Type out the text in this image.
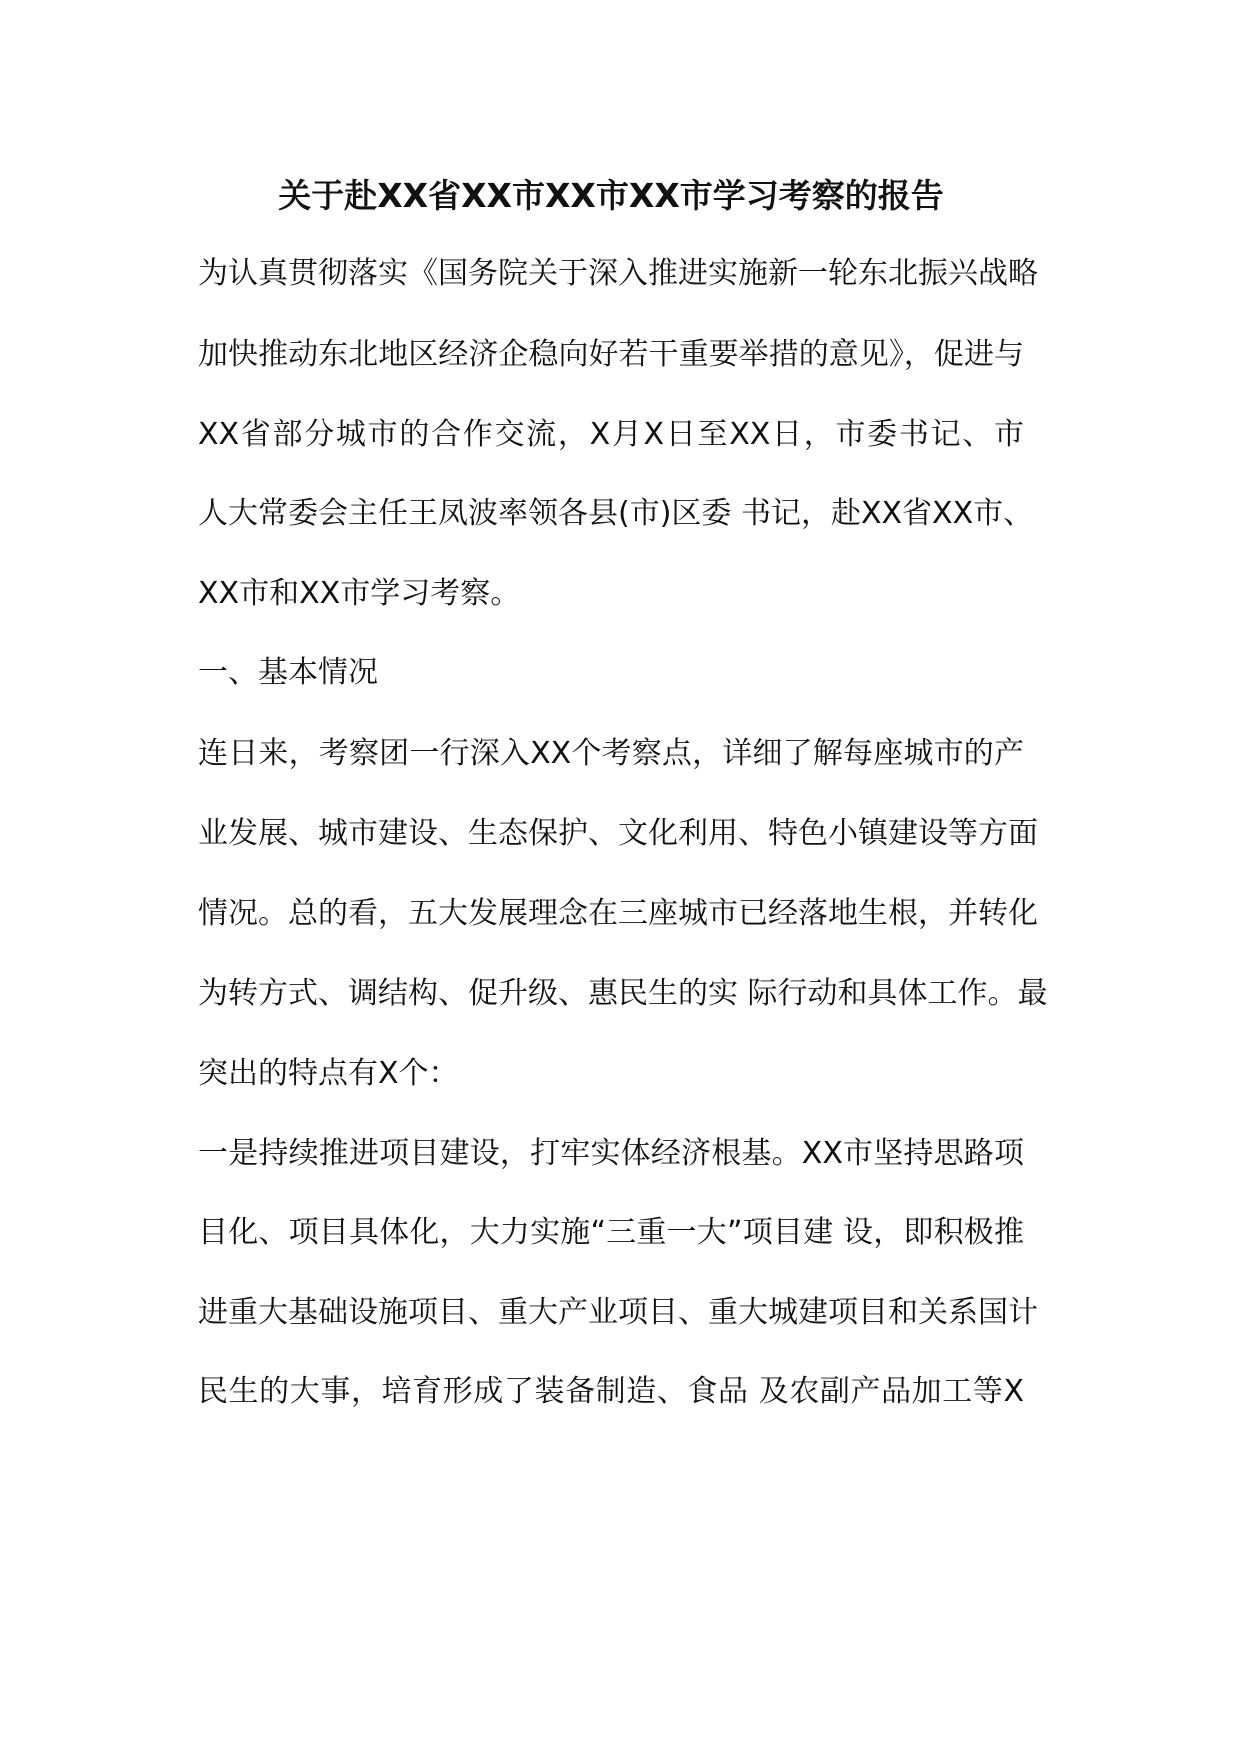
关于赴XX省XX市XX市XX市学习考察的报告
为认真贯彻落实《国务院关于深入推进实施新一轮东北振兴战略
加快推动东北地区经济企稳向好若干重要举措的意见》，促进与
XX省部分城市的合作交流，X月X日至XX日，市委书记、市
人大常委会主任王凤波率领各县(市)区委 书记，赴XX省XX市、
XX市和XX市学习考察。
一、基本情况
连日来，考察团一行深入XX个考察点，详细了解每座城市的产
业发展、城市建设、生态保护、文化利用、特色小镇建设等方面
情况。总的看，五大发展理念在三座城市已经落地生根，并转化
为转方式、调结构、促升级、惠民生的实 际行动和具体工作。最
突出的特点有X个：
一是持续推进项目建设，打牢实体经济根基。XX市坚持思路项
目化、项目具体化，大力实施“三重一大”项目建 设，即积极推
进重大基础设施项目、重大产业项目、重大城建项目和关系国计
民生的大事，培育形成了装备制造、食品 及农副产品加工等X
